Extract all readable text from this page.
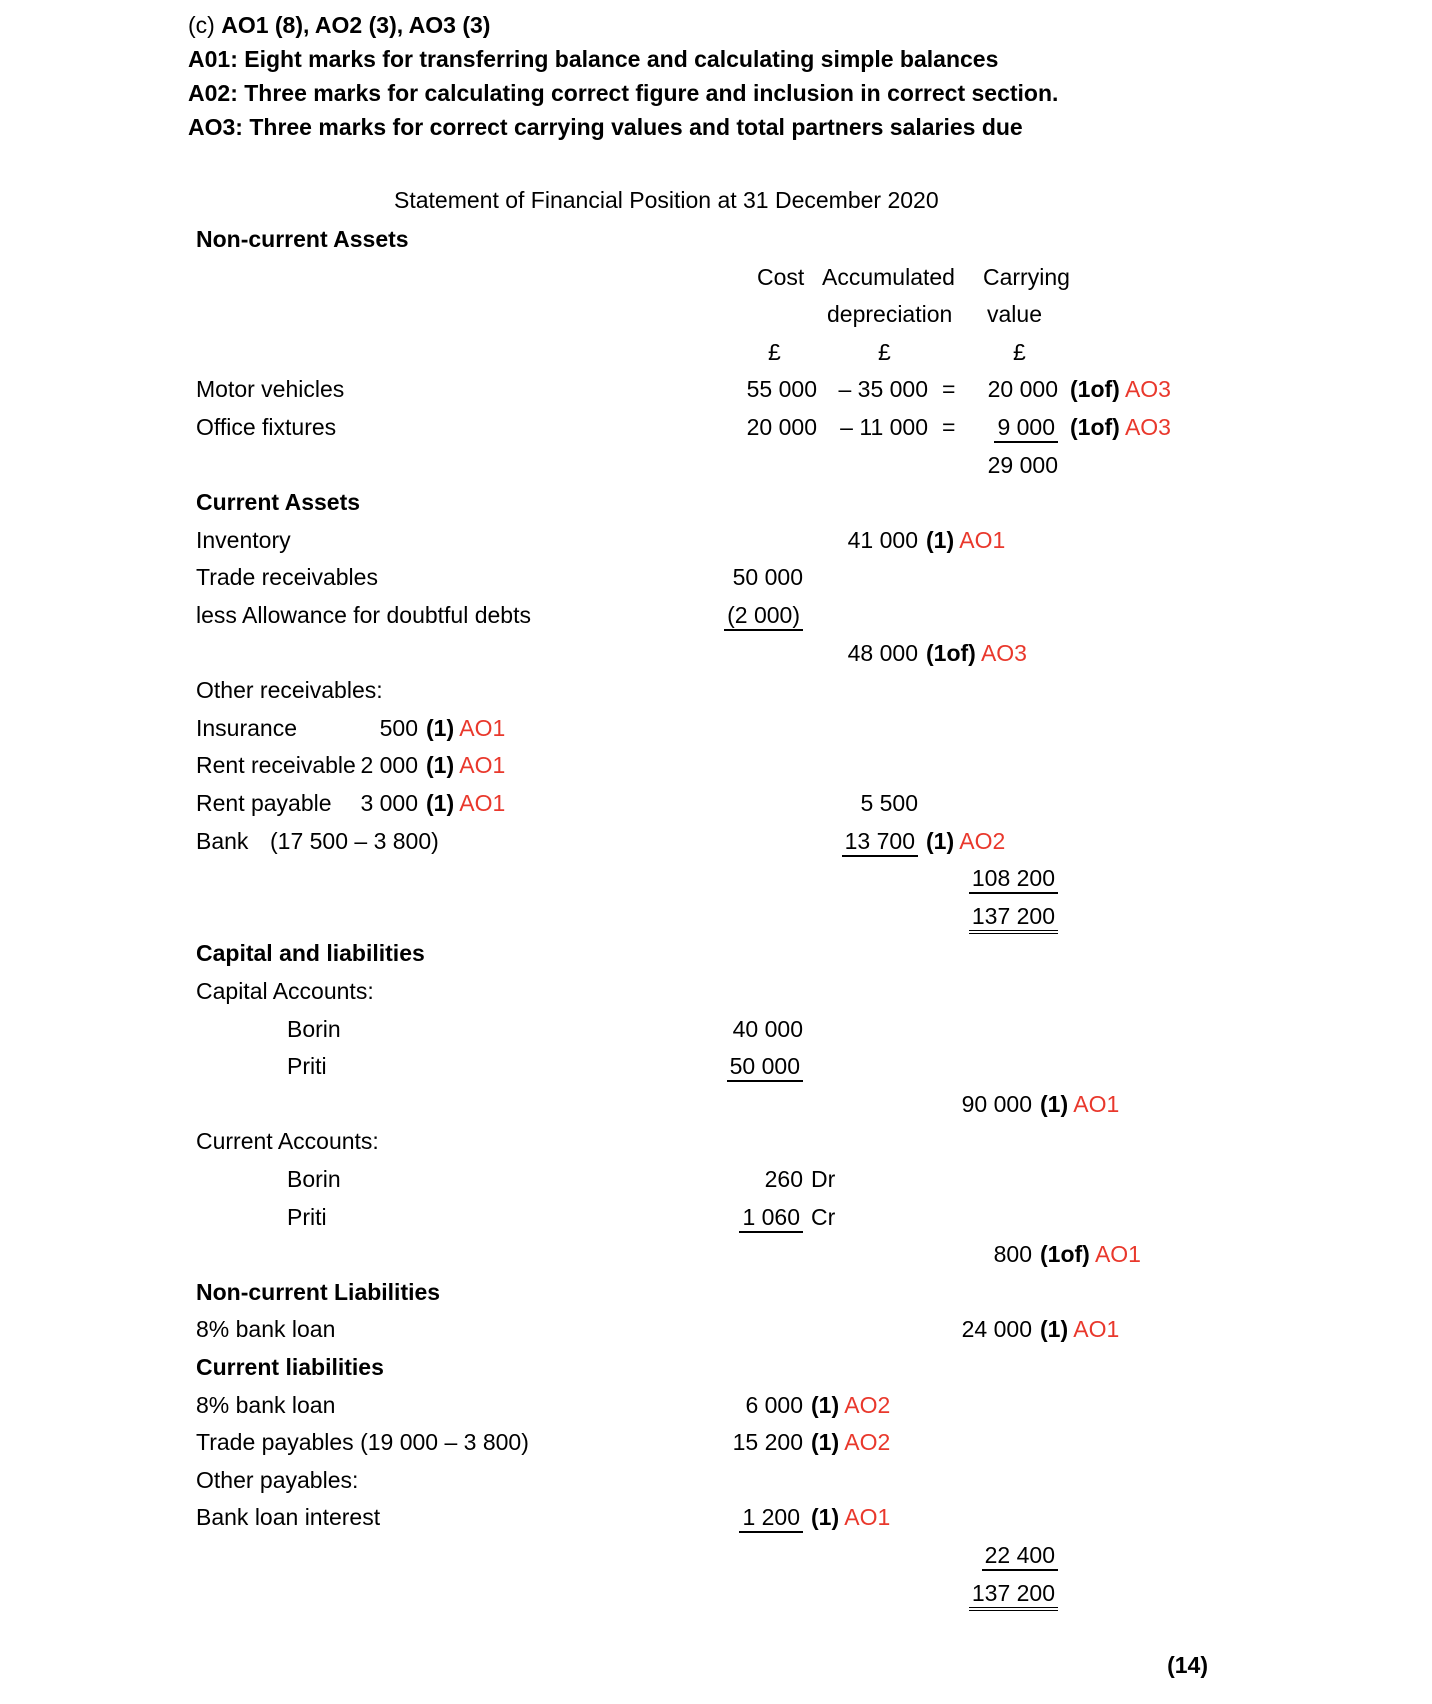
(c) AO1 (8), AO2 (3), AO3 (3)
A01: Eight marks for transferring balance and calculating simple balances
A02: Three marks for calculating correct figure and inclusion in correct section.
AO3: Three marks for correct carrying values and total partners salaries due
Statement of Financial Position at 31 December 2020
Non-current Assets
Cost Accumulated Carrying
depreciation value
£	£	£
Motor vehicles	55 000 – 35 000 =	20 000 (1of) AO3
Office fixtures	20 000	– 11 000 =	9 000 (1of) AO3
29 000
Current Assets
Inventory	41 000 (1) AO1
Trade receivables	50 000
less Allowance for doubtful debts	(2 000)
48 000 (1of) AO3
Other receivables:
Insurance	500 (1) AO1
Rent receivable 2 000 (1) AO1
Rent payable	3 000 (1) AO1	5 500
Bank (17 500 – 3 800)	13 700 (1) AO2
108 200
137 200
Capital and liabilities
Capital Accounts:
Borin	40 000
Priti	50 000
90 000 (1) AO1
Current Accounts:
Borin	260 Dr
Priti	1 060 Cr
800 (1of) AO1
Non-current Liabilities
8% bank loan	24 000 (1) AO1
Current liabilities
8% bank loan	6 000 (1) AO2
Trade payables (19 000 – 3 800)	15 200 (1) AO2
Other payables:
Bank loan interest	1 200 (1) AO1
22 400
137 200
(14)
